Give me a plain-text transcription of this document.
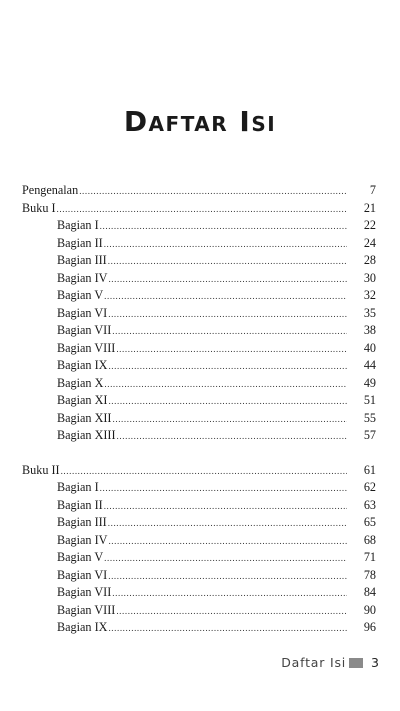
Daftar Isi
Pengenalan .....	7
Buku I .....	21
Bagian I .....	22
Bagian II .....	24
Bagian III .....	28
Bagian IV .....	30
Bagian V .....	32
Bagian VI .....	35
Bagian VII .....	38
Bagian VIII .....	40
Bagian IX .....	44
Bagian X .....	49
Bagian XI .....	51
Bagian XII .....	55
Bagian XIII .....	57
Buku II .....	61
Bagian I .....	62
Bagian II .....	63
Bagian III .....	65
Bagian IV .....	68
Bagian V .....	71
Bagian VI .....	78
Bagian VII .....	84
Bagian VIII .....	90
Bagian IX .....	96
Daftar Isi 3
